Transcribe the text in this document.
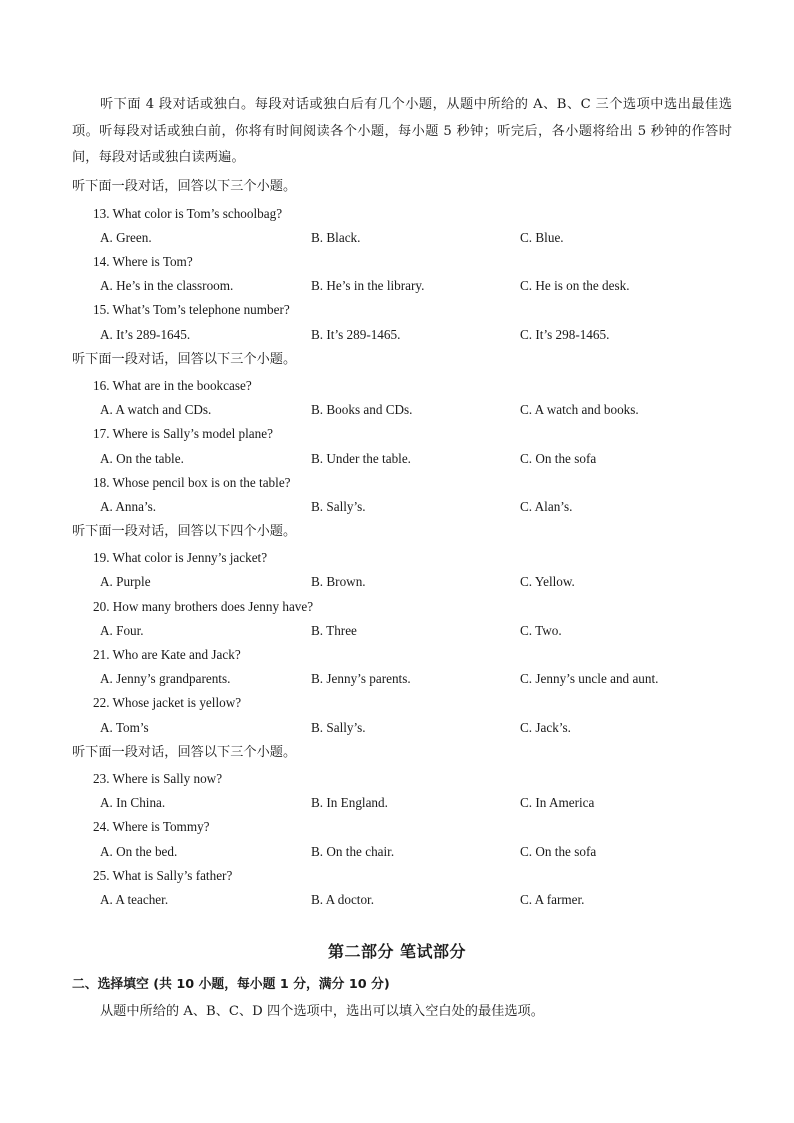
听下面 4 段对话或独白。每段对话或独白后有几个小题，从题中所给的 A、B、C 三个选项中选出最佳选项。听每段对话或独白前，你将有时间阅读各个小题，每小题 5 秒钟；听完后，各小题将给出 5 秒钟的作答时间，每段对话或独白读两遍。

听下面一段对话，回答以下三个小题。
13. What color is Tom’s schoolbag?
A. Green.	B. Black.	C. Blue.
14. Where is Tom?
A. He’s in the classroom.	B. He’s in the library.	C. He is on the desk.
15. What’s Tom’s telephone number?
A. It’s 289-1645.	B. It’s 289-1465.	C. It’s 298-1465.
听下面一段对话，回答以下三个小题。
16. What are in the bookcase?
A. A watch and CDs.	B. Books and CDs.	C. A watch and books.
17. Where is Sally’s model plane?
A. On the table.	B. Under the table.	C. On the sofa
18. Whose pencil box is on the table?
A. Anna’s.	B. Sally’s.	C. Alan’s.
听下面一段对话，回答以下四个小题。
19. What color is Jenny’s jacket?
A. Purple	B. Brown.	C. Yellow.
20. How many brothers does Jenny have?
A. Four.	B. Three	C. Two.
21. Who are Kate and Jack?
A. Jenny’s grandparents.	B. Jenny’s parents.	C. Jenny’s uncle and aunt.
22. Whose jacket is yellow?
A. Tom’s	B. Sally’s.	C. Jack’s.
听下面一段对话，回答以下三个小题。
23. Where is Sally now?
A. In China.	B. In England.	C. In America
24. Where is Tommy?
A. On the bed.	B. On the chair.	C. On the sofa
25. What is Sally’s father?
A. A teacher.	B. A doctor.	C. A farmer.
第二部分 笔试部分
二、选择填空 (共 10 小题，每小题 1 分，满分 10 分)
从题中所给的 A、B、C、D 四个选项中，选出可以填入空白处的最佳选项。
